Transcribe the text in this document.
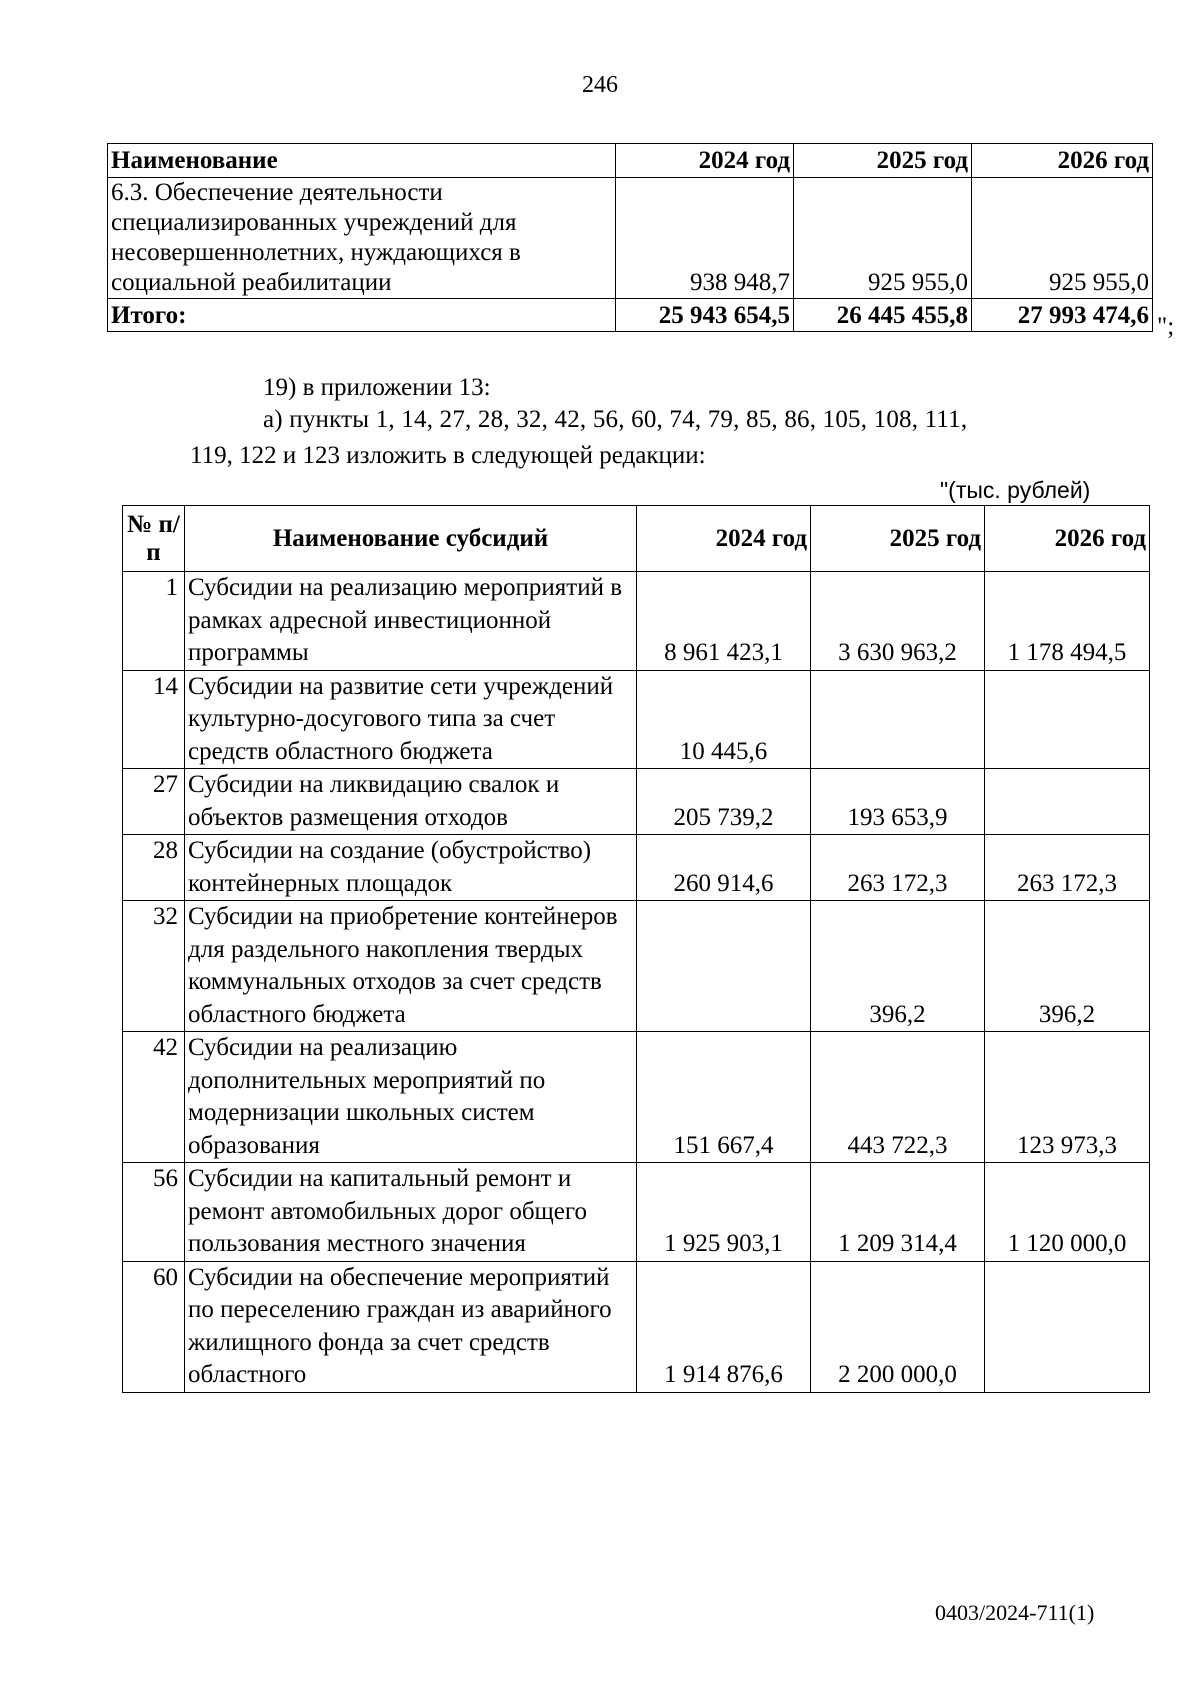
246
Наименование	2024 год	2025 год	2026 год
6.3. Обеспечение деятельности специализированных учреждений для несовершеннолетних, нуждающихся в социальной реабилитации	938 948,7	925 955,0	925 955,0
Итого:	25 943 654,5	26 445 455,8	27 993 474,6 ";

19) в приложении 13:

а) пункты 1, 14, 27, 28, 32, 42, 56, 60, 74, 79, 85, 86, 105, 108, 111,

119, 122 и 123 изложить в следующей редакции:

"(тыс. рублей)
№ п/п	Наименование субсидий	2024 год	2025 год	2026 год
1	Субсидии на реализацию мероприятий в рамках адресной инвестиционной программы	8 961 423,1	3 630 963,2	1 178 494,5
14	Субсидии на развитие сети учреждений культурно-досугового типа за счет средств областного бюджета	10 445,6		
27	Субсидии на ликвидацию свалок и объектов размещения отходов	205 739,2	193 653,9	
28	Субсидии на создание (обустройство) контейнерных площадок	260 914,6	263 172,3	263 172,3
32	Субсидии на приобретение контейнеров для раздельного накопления твердых коммунальных отходов за счет средств областного бюджета		396,2	396,2
42	Субсидии на реализацию дополнительных мероприятий по модернизации школьных систем образования	151 667,4	443 722,3	123 973,3
56	Субсидии на капитальный ремонт и ремонт автомобильных дорог общего пользования местного значения	1 925 903,1	1 209 314,4	1 120 000,0
60	Субсидии на обеспечение мероприятий по переселению граждан из аварийного жилищного фонда за счет средств областного	1 914 876,6	2 200 000,0	
0403/2024-711(1)
